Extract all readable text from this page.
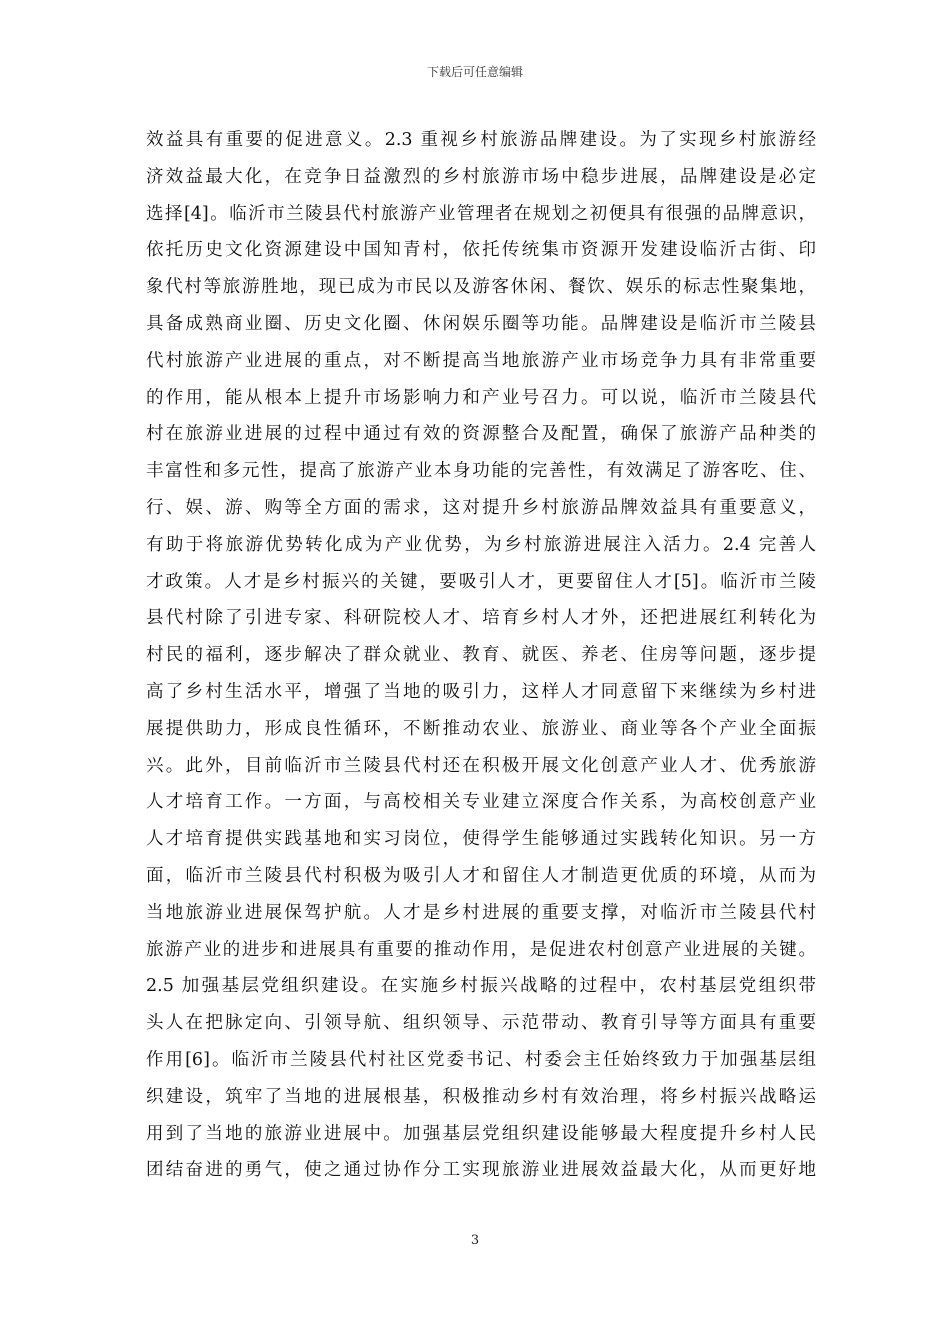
下载后可任意编辑
效益具有重要的促进意义。2.3 重视乡村旅游品牌建设。为了实现乡村旅游经
济效益最大化，在竞争日益激烈的乡村旅游市场中稳步进展，品牌建设是必定
选择[4]。临沂市兰陵县代村旅游产业管理者在规划之初便具有很强的品牌意识，
依托历史文化资源建设中国知青村，依托传统集市资源开发建设临沂古街、印
象代村等旅游胜地，现已成为市民以及游客休闲、餐饮、娱乐的标志性聚集地，
具备成熟商业圈、历史文化圈、休闲娱乐圈等功能。品牌建设是临沂市兰陵县
代村旅游产业进展的重点，对不断提高当地旅游产业市场竞争力具有非常重要
的作用，能从根本上提升市场影响力和产业号召力。可以说，临沂市兰陵县代
村在旅游业进展的过程中通过有效的资源整合及配置，确保了旅游产品种类的
丰富性和多元性，提高了旅游产业本身功能的完善性，有效满足了游客吃、住、
行、娱、游、购等全方面的需求，这对提升乡村旅游品牌效益具有重要意义，
有助于将旅游优势转化成为产业优势，为乡村旅游进展注入活力。2.4 完善人
才政策。人才是乡村振兴的关键，要吸引人才，更要留住人才[5]。临沂市兰陵
县代村除了引进专家、科研院校人才、培育乡村人才外，还把进展红利转化为
村民的福利，逐步解决了群众就业、教育、就医、养老、住房等问题，逐步提
高了乡村生活水平，增强了当地的吸引力，这样人才同意留下来继续为乡村进
展提供助力，形成良性循环，不断推动农业、旅游业、商业等各个产业全面振
兴。此外，目前临沂市兰陵县代村还在积极开展文化创意产业人才、优秀旅游
人才培育工作。一方面，与高校相关专业建立深度合作关系，为高校创意产业
人才培育提供实践基地和实习岗位，使得学生能够通过实践转化知识。另一方
面，临沂市兰陵县代村积极为吸引人才和留住人才制造更优质的环境，从而为
当地旅游业进展保驾护航。人才是乡村进展的重要支撑，对临沂市兰陵县代村
旅游产业的进步和进展具有重要的推动作用，是促进农村创意产业进展的关键。
2.5 加强基层党组织建设。在实施乡村振兴战略的过程中，农村基层党组织带
头人在把脉定向、引领导航、组织领导、示范带动、教育引导等方面具有重要
作用[6]。临沂市兰陵县代村社区党委书记、村委会主任始终致力于加强基层组
织建设，筑牢了当地的进展根基，积极推动乡村有效治理，将乡村振兴战略运
用到了当地的旅游业进展中。加强基层党组织建设能够最大程度提升乡村人民
团结奋进的勇气，使之通过协作分工实现旅游业进展效益最大化，从而更好地
3
